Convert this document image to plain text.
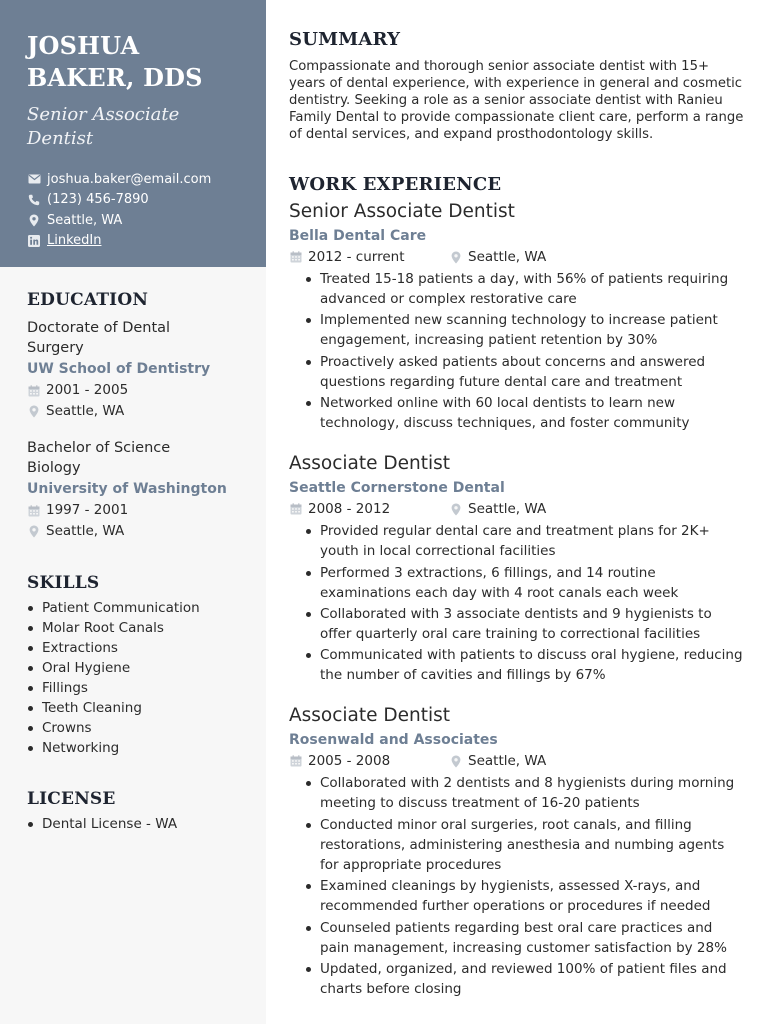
JOSHUA BAKER, DDS
Senior Associate Dentist
joshua.baker@email.com
(123) 456-7890
Seattle, WA
LinkedIn
EDUCATION
Doctorate of Dental Surgery
UW School of Dentistry
2001 - 2005
Seattle, WA
Bachelor of Science Biology
University of Washington
1997 - 2001
Seattle, WA
SKILLS
Patient Communication
Molar Root Canals
Extractions
Oral Hygiene
Fillings
Teeth Cleaning
Crowns
Networking
LICENSE
Dental License - WA
SUMMARY

Compassionate and thorough senior associate dentist with 15+ years of dental experience, with experience in general and cosmetic dentistry. Seeking a role as a senior associate dentist with Ranieu Family Dental to provide compassionate client care, perform a range of dental services, and expand prosthodontology skills.

WORK EXPERIENCE
Senior Associate Dentist
Bella Dental Care
2012 - current	Seattle, WA
Treated 15-18 patients a day, with 56% of patients requiring advanced or complex restorative care
Implemented new scanning technology to increase patient engagement, increasing patient retention by 30%
Proactively asked patients about concerns and answered questions regarding future dental care and treatment
Networked online with 60 local dentists to learn new technology, discuss techniques, and foster community
Associate Dentist
Seattle Cornerstone Dental
2008 - 2012	Seattle, WA
Provided regular dental care and treatment plans for 2K+ youth in local correctional facilities
Performed 3 extractions, 6 fillings, and 14 routine examinations each day with 4 root canals each week
Collaborated with 3 associate dentists and 9 hygienists to offer quarterly oral care training to correctional facilities
Communicated with patients to discuss oral hygiene, reducing the number of cavities and fillings by 67%
Associate Dentist
Rosenwald and Associates
2005 - 2008	Seattle, WA
Collaborated with 2 dentists and 8 hygienists during morning meeting to discuss treatment of 16-20 patients
Conducted minor oral surgeries, root canals, and filling restorations, administering anesthesia and numbing agents for appropriate procedures
Examined cleanings by hygienists, assessed X-rays, and recommended further operations or procedures if needed
Counseled patients regarding best oral care practices and pain management, increasing customer satisfaction by 28%
Updated, organized, and reviewed 100% of patient files and charts before closing
